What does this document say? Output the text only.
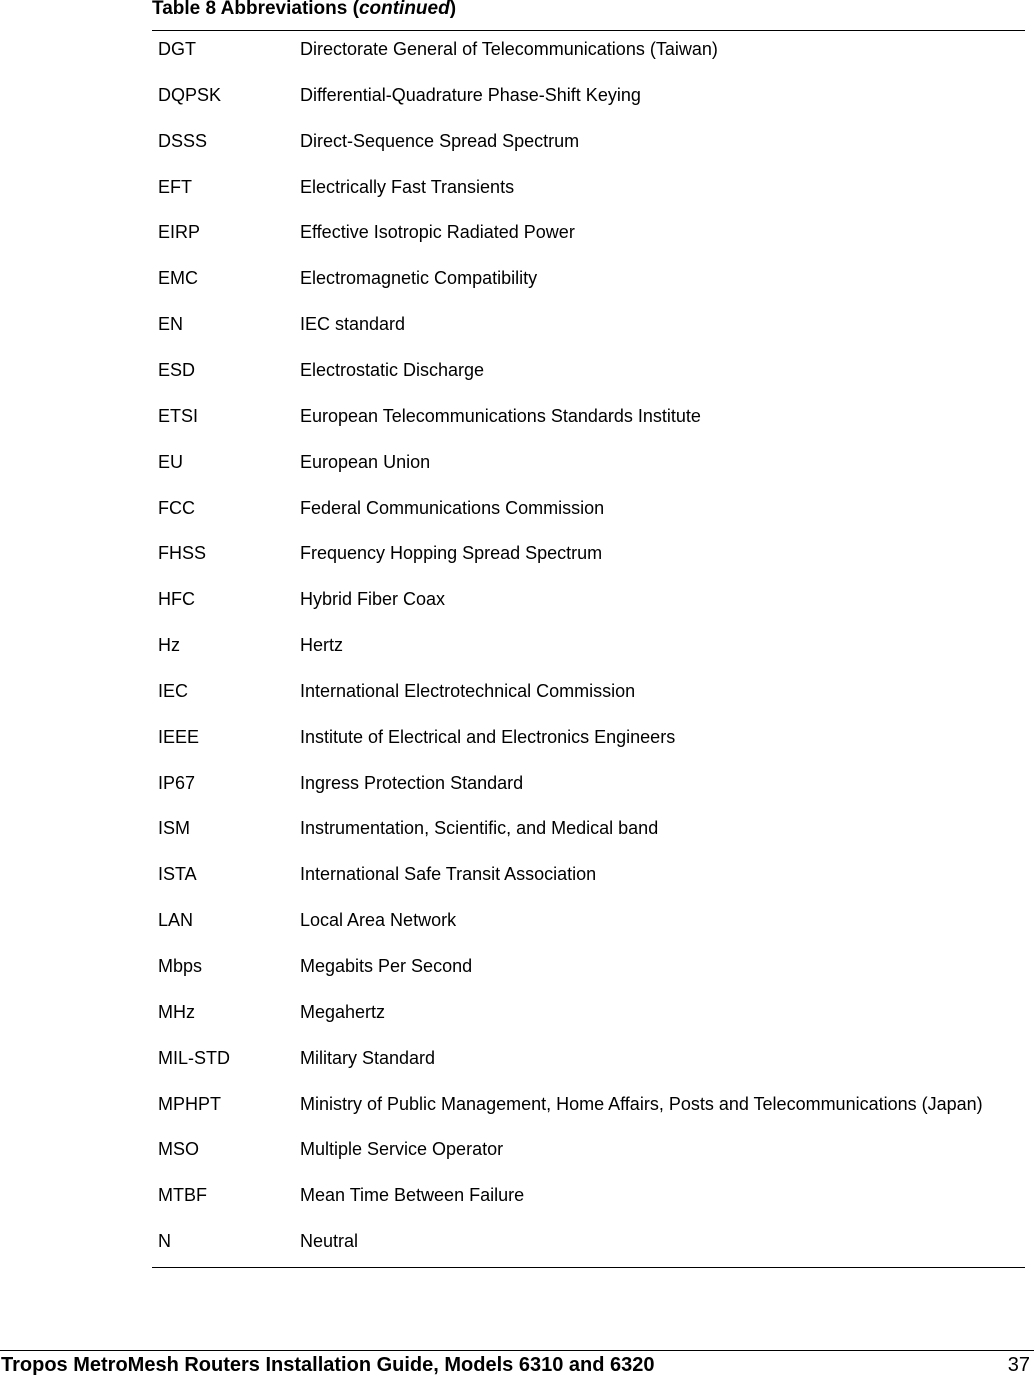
Table 8 Abbreviations (continued)
DGT	Directorate General of Telecommunications (Taiwan)
DQPSK	Differential-Quadrature Phase-Shift Keying
DSSS	Direct-Sequence Spread Spectrum
EFT	Electrically Fast Transients
EIRP	Effective Isotropic Radiated Power
EMC	Electromagnetic Compatibility
EN	IEC standard
ESD	Electrostatic Discharge
ETSI	European Telecommunications Standards Institute
EU	European Union
FCC	Federal Communications Commission
FHSS	Frequency Hopping Spread Spectrum
HFC	Hybrid Fiber Coax
Hz	Hertz
IEC	International Electrotechnical Commission
IEEE	Institute of Electrical and Electronics Engineers
IP67	Ingress Protection Standard
ISM	Instrumentation, Scientific, and Medical band
ISTA	International Safe Transit Association
LAN	Local Area Network
Mbps	Megabits Per Second
MHz	Megahertz
MIL-STD	Military Standard
MPHPT	Ministry of Public Management, Home Affairs, Posts and Telecommunications (Japan)
MSO	Multiple Service Operator
MTBF	Mean Time Between Failure
N	Neutral
Tropos MetroMesh Routers Installation Guide, Models 6310 and 6320	37
